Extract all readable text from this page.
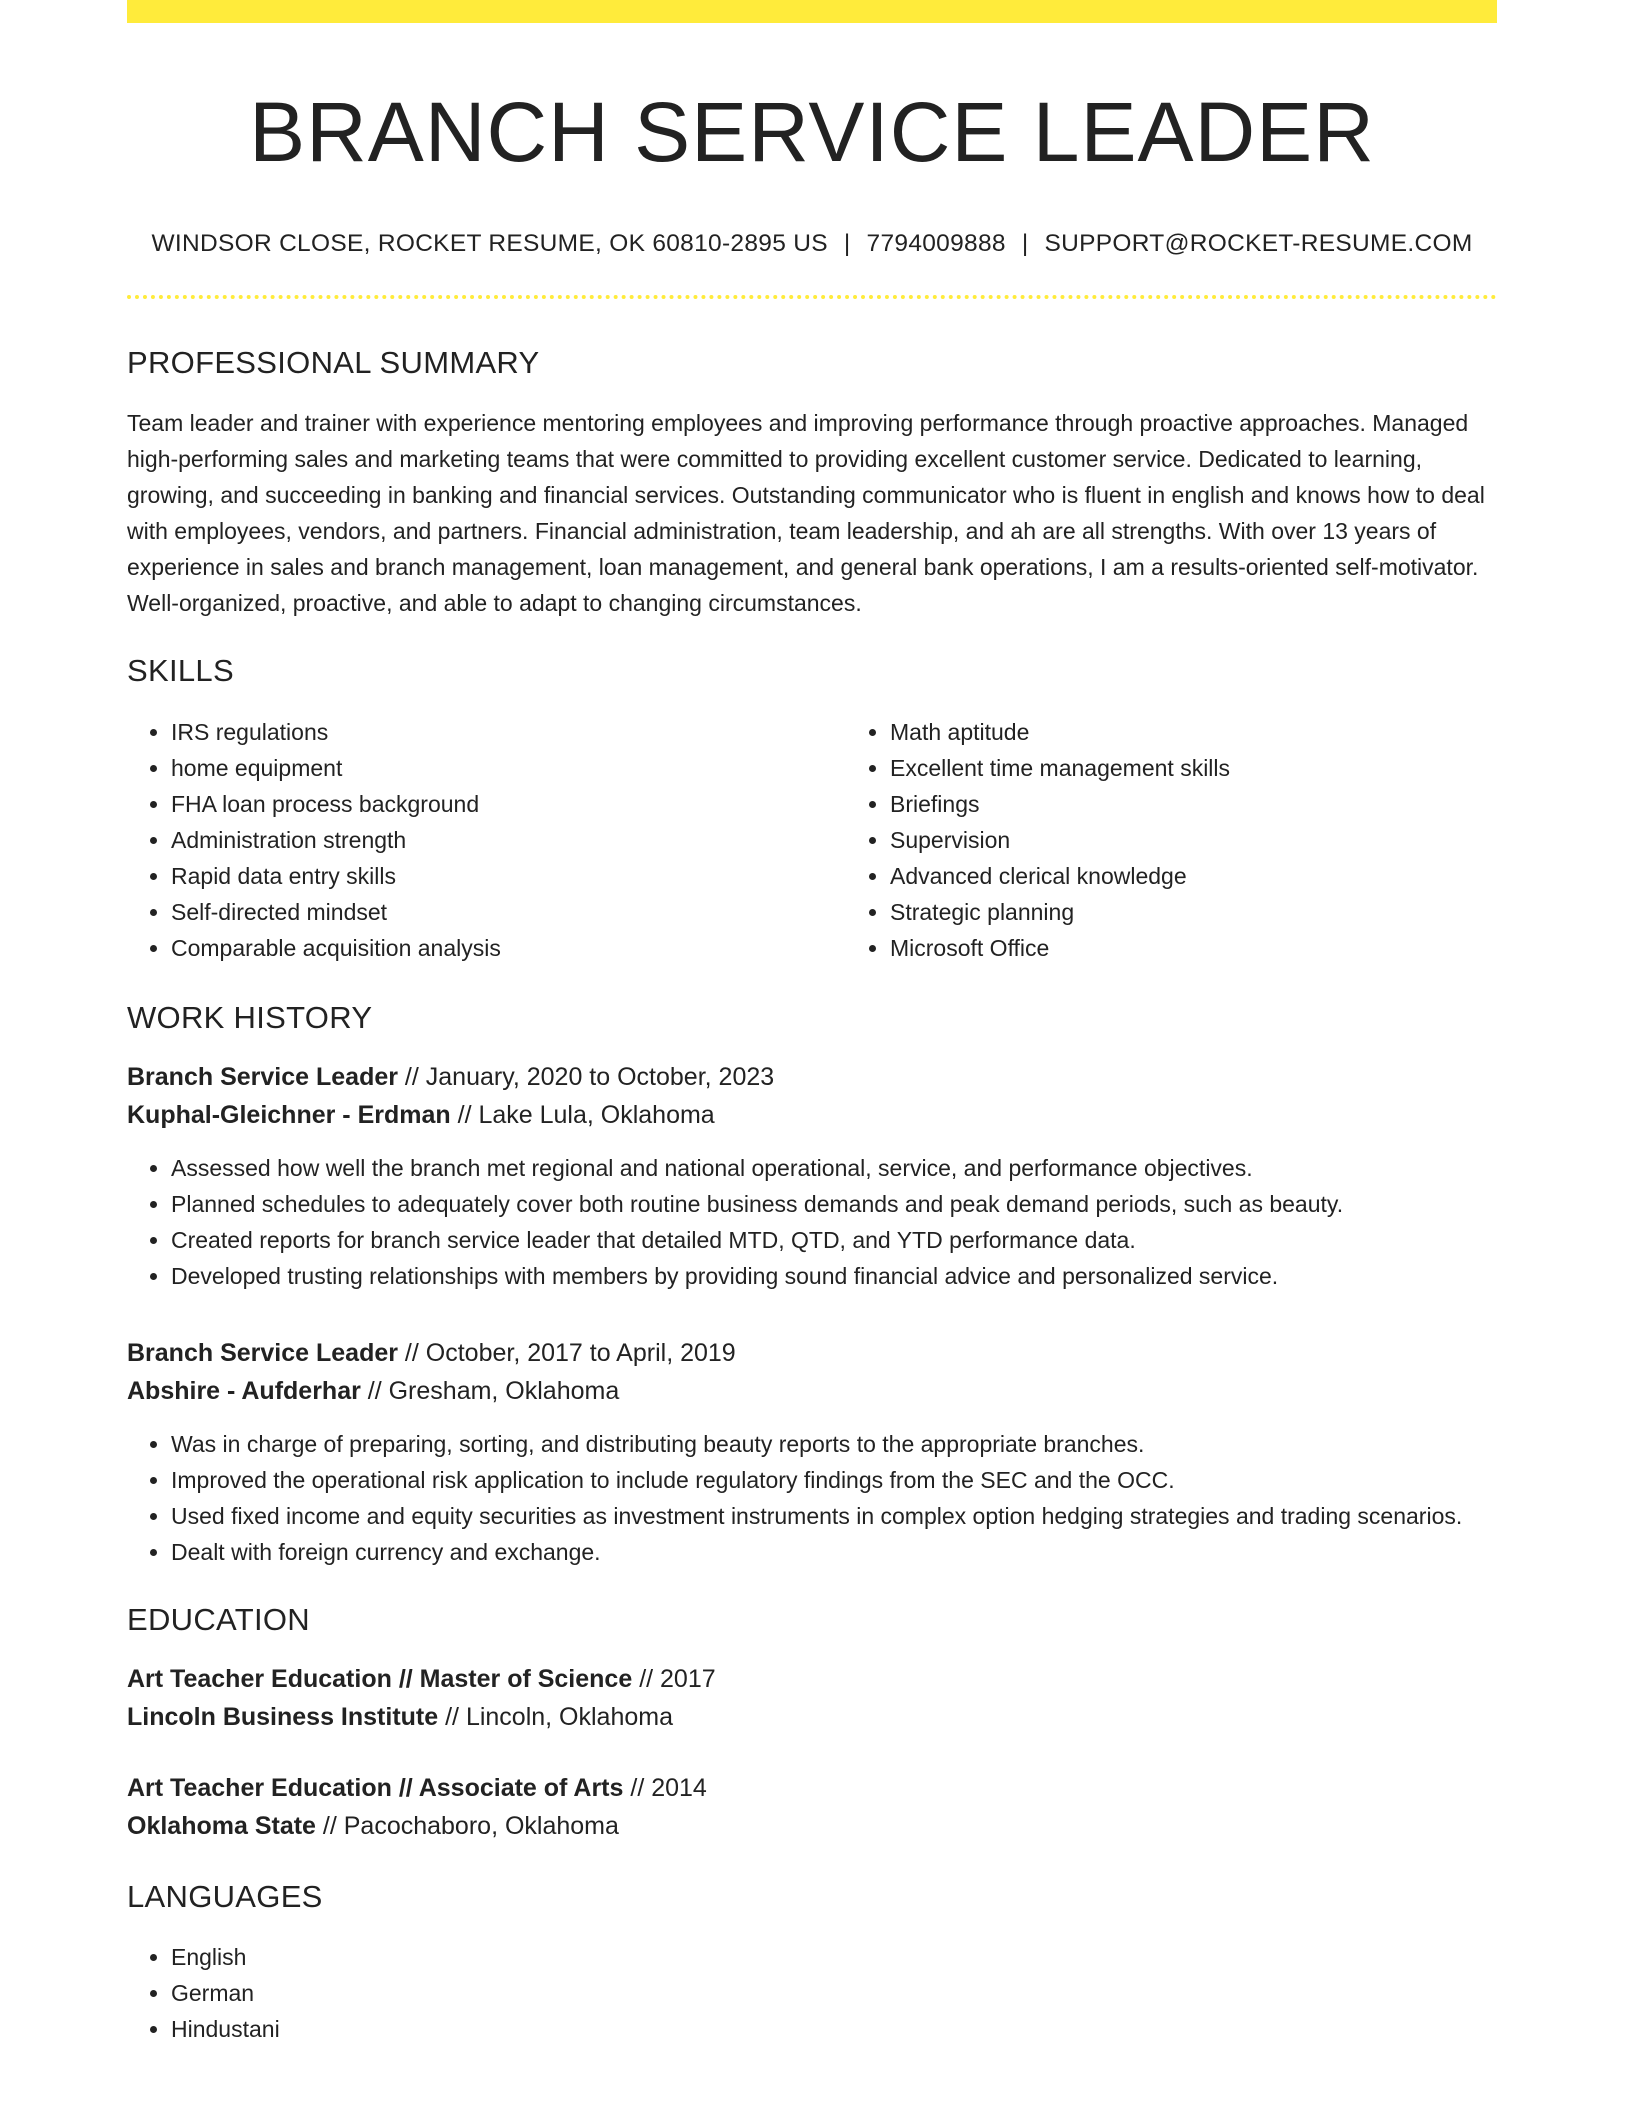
BRANCH SERVICE LEADER
WINDSOR CLOSE, ROCKET RESUME, OK 60810-2895 US | 7794009888 | SUPPORT@ROCKET-RESUME.COM
PROFESSIONAL SUMMARY

Team leader and trainer with experience mentoring employees and improving performance through proactive approaches. Managed high-performing sales and marketing teams that were committed to providing excellent customer service. Dedicated to learning, growing, and succeeding in banking and financial services. Outstanding communicator who is fluent in english and knows how to deal with employees, vendors, and partners. Financial administration, team leadership, and ah are all strengths. With over 13 years of experience in sales and branch management, loan management, and general bank operations, I am a results-oriented self-motivator. Well-organized, proactive, and able to adapt to changing circumstances.

SKILLS
• IRS regulations
• home equipment
• FHA loan process background
• Administration strength
• Rapid data entry skills
• Self-directed mindset
• Comparable acquisition analysis
• Math aptitude
• Excellent time management skills
• Briefings
• Supervision
• Advanced clerical knowledge
• Strategic planning
• Microsoft Office
WORK HISTORY
Branch Service Leader // January, 2020 to October, 2023
Kuphal-Gleichner - Erdman // Lake Lula, Oklahoma
• Assessed how well the branch met regional and national operational, service, and performance objectives.
• Planned schedules to adequately cover both routine business demands and peak demand periods, such as beauty.
• Created reports for branch service leader that detailed MTD, QTD, and YTD performance data.
• Developed trusting relationships with members by providing sound financial advice and personalized service.
Branch Service Leader // October, 2017 to April, 2019
Abshire - Aufderhar // Gresham, Oklahoma
• Was in charge of preparing, sorting, and distributing beauty reports to the appropriate branches.
• Improved the operational risk application to include regulatory findings from the SEC and the OCC.
• Used fixed income and equity securities as investment instruments in complex option hedging strategies and trading scenarios.
• Dealt with foreign currency and exchange.
EDUCATION
Art Teacher Education // Master of Science // 2017
Lincoln Business Institute // Lincoln, Oklahoma
Art Teacher Education // Associate of Arts // 2014
Oklahoma State // Pacochaboro, Oklahoma
LANGUAGES
• English
• German
• Hindustani
